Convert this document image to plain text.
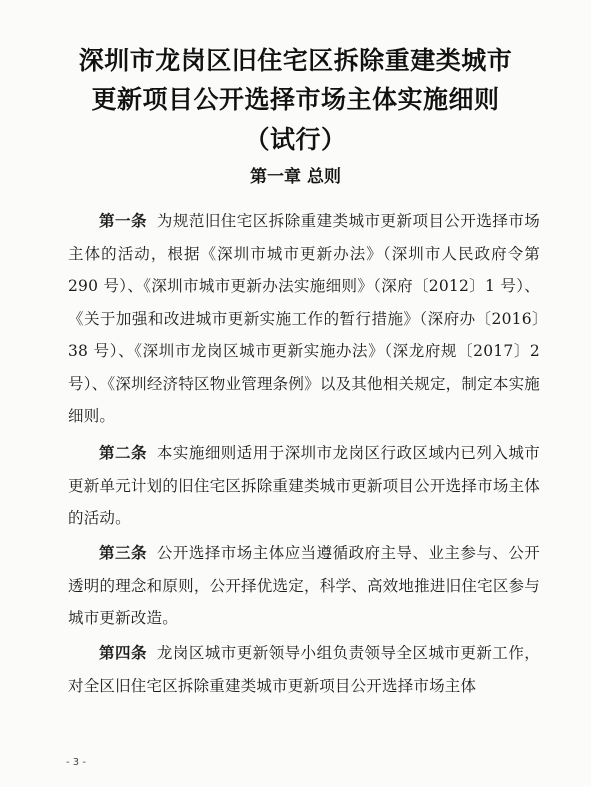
深圳市龙岗区旧住宅区拆除重建类城市
更新项目公开选择市场主体实施细则
（试行）
第一章 总则

第一条 为规范旧住宅区拆除重建类城市更新项目公开选择市场主体的活动，根据《深圳市城市更新办法》（深圳市人民政府令第 290 号）、《深圳市城市更新办法实施细则》（深府〔2012〕1 号）、《关于加强和改进城市更新实施工作的暂行措施》（深府办〔2016〕38 号）、《深圳市龙岗区城市更新实施办法》（深龙府规〔2017〕2 号）、《深圳经济特区物业管理条例》以及其他相关规定，制定本实施细则。

第二条 本实施细则适用于深圳市龙岗区行政区域内已列入城市更新单元计划的旧住宅区拆除重建类城市更新项目公开选择市场主体的活动。

第三条 公开选择市场主体应当遵循政府主导、业主参与、公开透明的理念和原则，公开择优选定，科学、高效地推进旧住宅区参与城市更新改造。

第四条 龙岗区城市更新领导小组负责领导全区城市更新工作，对全区旧住宅区拆除重建类城市更新项目公开选择市场主体

- 3 -
